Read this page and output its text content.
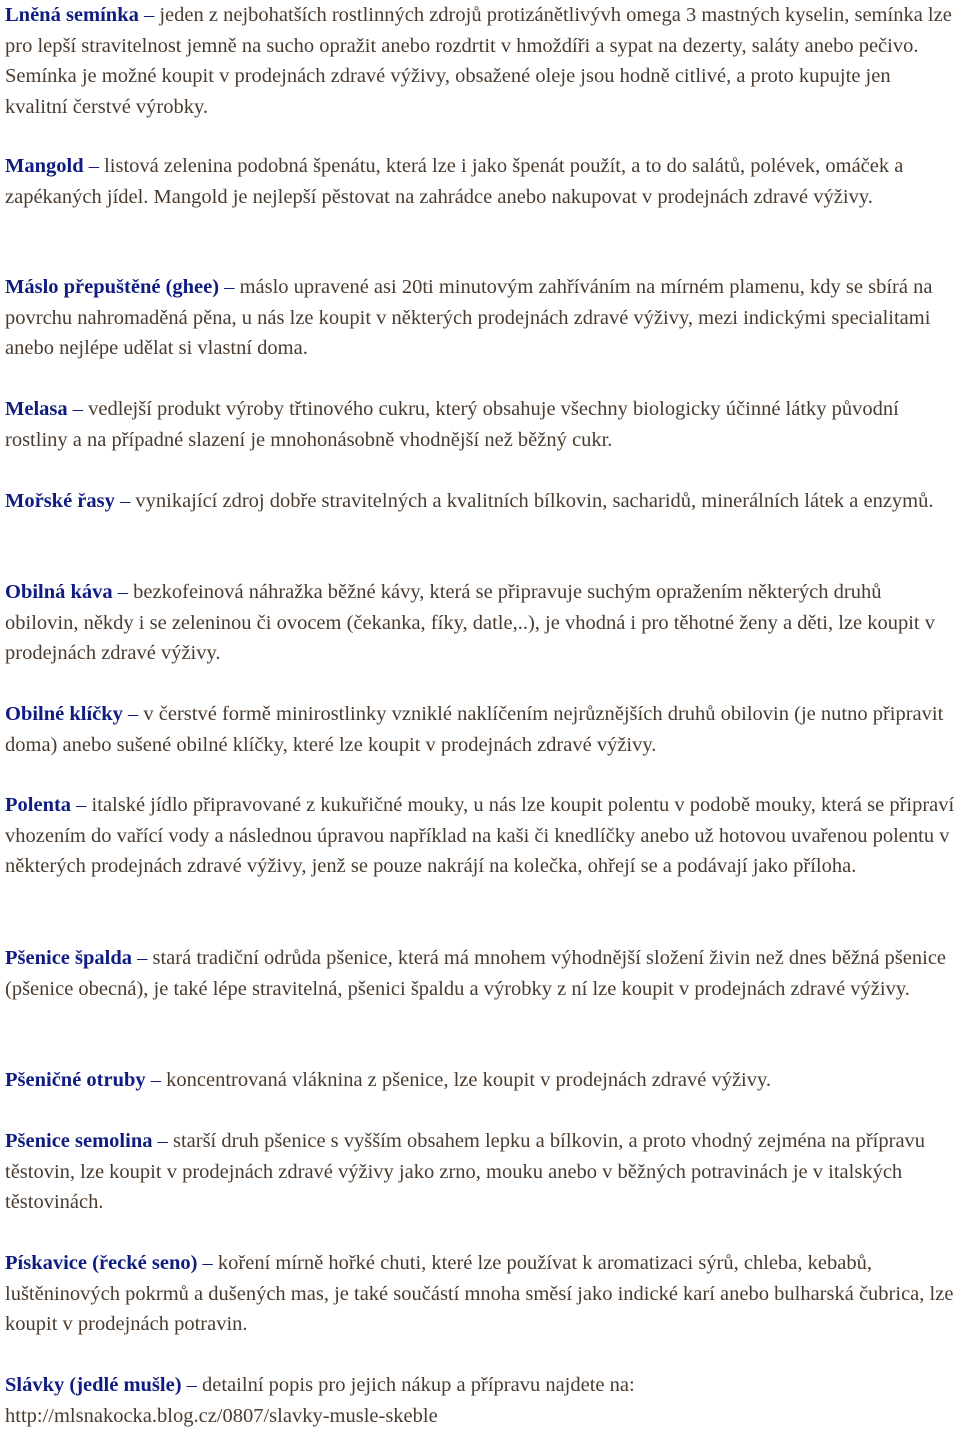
Lněná semínka – jeden z nejbohatších rostlinných zdrojů protizánětlivývh omega 3 mastných kyselin, semínka lze pro lepší stravitelnost jemně na sucho opražit anebo rozdrtit v hmoždíři a sypat na dezerty, saláty anebo pečivo. Semínka je možné koupit v prodejnách zdravé výživy, obsažené oleje jsou hodně citlivé, a proto kupujte jen kvalitní čerstvé výrobky.

Mangold – listová zelenina podobná špenátu, která lze i jako špenát použít, a to do salátů, polévek, omáček a zapékaných jídel. Mangold je nejlepší pěstovat na zahrádce anebo nakupovat v prodejnách zdravé výživy.

Máslo přepuštěné (ghee) – máslo upravené asi 20ti minutovým zahříváním na mírném plamenu, kdy se sbírá na povrchu nahromaděná pěna, u nás lze koupit v některých prodejnách zdravé výživy, mezi indickými specialitami anebo nejlépe udělat si vlastní doma.

Melasa – vedlejší produkt výroby třtinového cukru, který obsahuje všechny biologicky účinné látky původní rostliny a na případné slazení je mnohonásobně vhodnější než běžný cukr.

Mořské řasy – vynikající zdroj dobře stravitelných a kvalitních bílkovin, sacharidů, minerálních látek a enzymů.

Obilná káva – bezkofeinová náhražka běžné kávy, která se připravuje suchým opražením některých druhů obilovin, někdy i se zeleninou či ovocem (čekanka, fíky, datle,..), je vhodná i pro těhotné ženy a děti, lze koupit v prodejnách zdravé výživy.

Obilné klíčky – v čerstvé formě minirostlinky vzniklé naklíčením nejrůznějších druhů obilovin (je nutno připravit doma) anebo sušené obilné klíčky, které lze koupit v prodejnách zdravé výživy.

Polenta – italské jídlo připravované z kukuřičné mouky, u nás lze koupit polentu v podobě mouky, která se připraví vhozením do vařící vody a následnou úpravou například na kaši či knedlíčky anebo už hotovou uvařenou polentu v některých prodejnách zdravé výživy, jenž se pouze nakrájí na kolečka, ohřejí se a podávají jako příloha.

Pšenice špalda – stará tradiční odrůda pšenice, která má mnohem výhodnější složení živin než dnes běžná pšenice (pšenice obecná), je také lépe stravitelná, pšenici špaldu a výrobky z ní lze koupit v prodejnách zdravé výživy.

Pšeničné otruby – koncentrovaná vláknina z pšenice, lze koupit v prodejnách zdravé výživy.

Pšenice semolina – starší druh pšenice s vyšším obsahem lepku a bílkovin, a proto vhodný zejména na přípravu těstovin, lze koupit v prodejnách zdravé výživy jako zrno, mouku anebo v běžných potravinách je v italských těstovinách.

Pískavice (řecké seno) – koření mírně hořké chuti, které lze používat k aromatizaci sýrů, chleba, kebabů, luštěninových pokrmů a dušených mas, je také součástí mnoha směsí jako indické karí anebo bulharská čubrica, lze koupit v prodejnách potravin.

Slávky (jedlé mušle) – detailní popis pro jejich nákup a přípravu najdete na:
http://mlsnakocka.blog.cz/0807/slavky-musle-skeble
